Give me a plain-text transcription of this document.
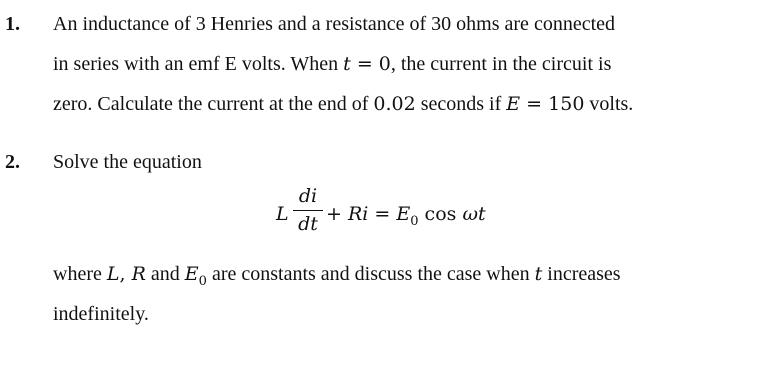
1. An inductance of 3 Henries and a resistance of 30 ohms are connected
in series with an emf E volts. When t = 0, the current in the circuit is
zero. Calculate the current at the end of 0.02 seconds if E = 150 volts.
2. Solve the equation
L
di
dt + $Ri = E_0$ cos ωt
where L, R and $E_0$ are constants and discuss the case when t increases
indefinitely.
